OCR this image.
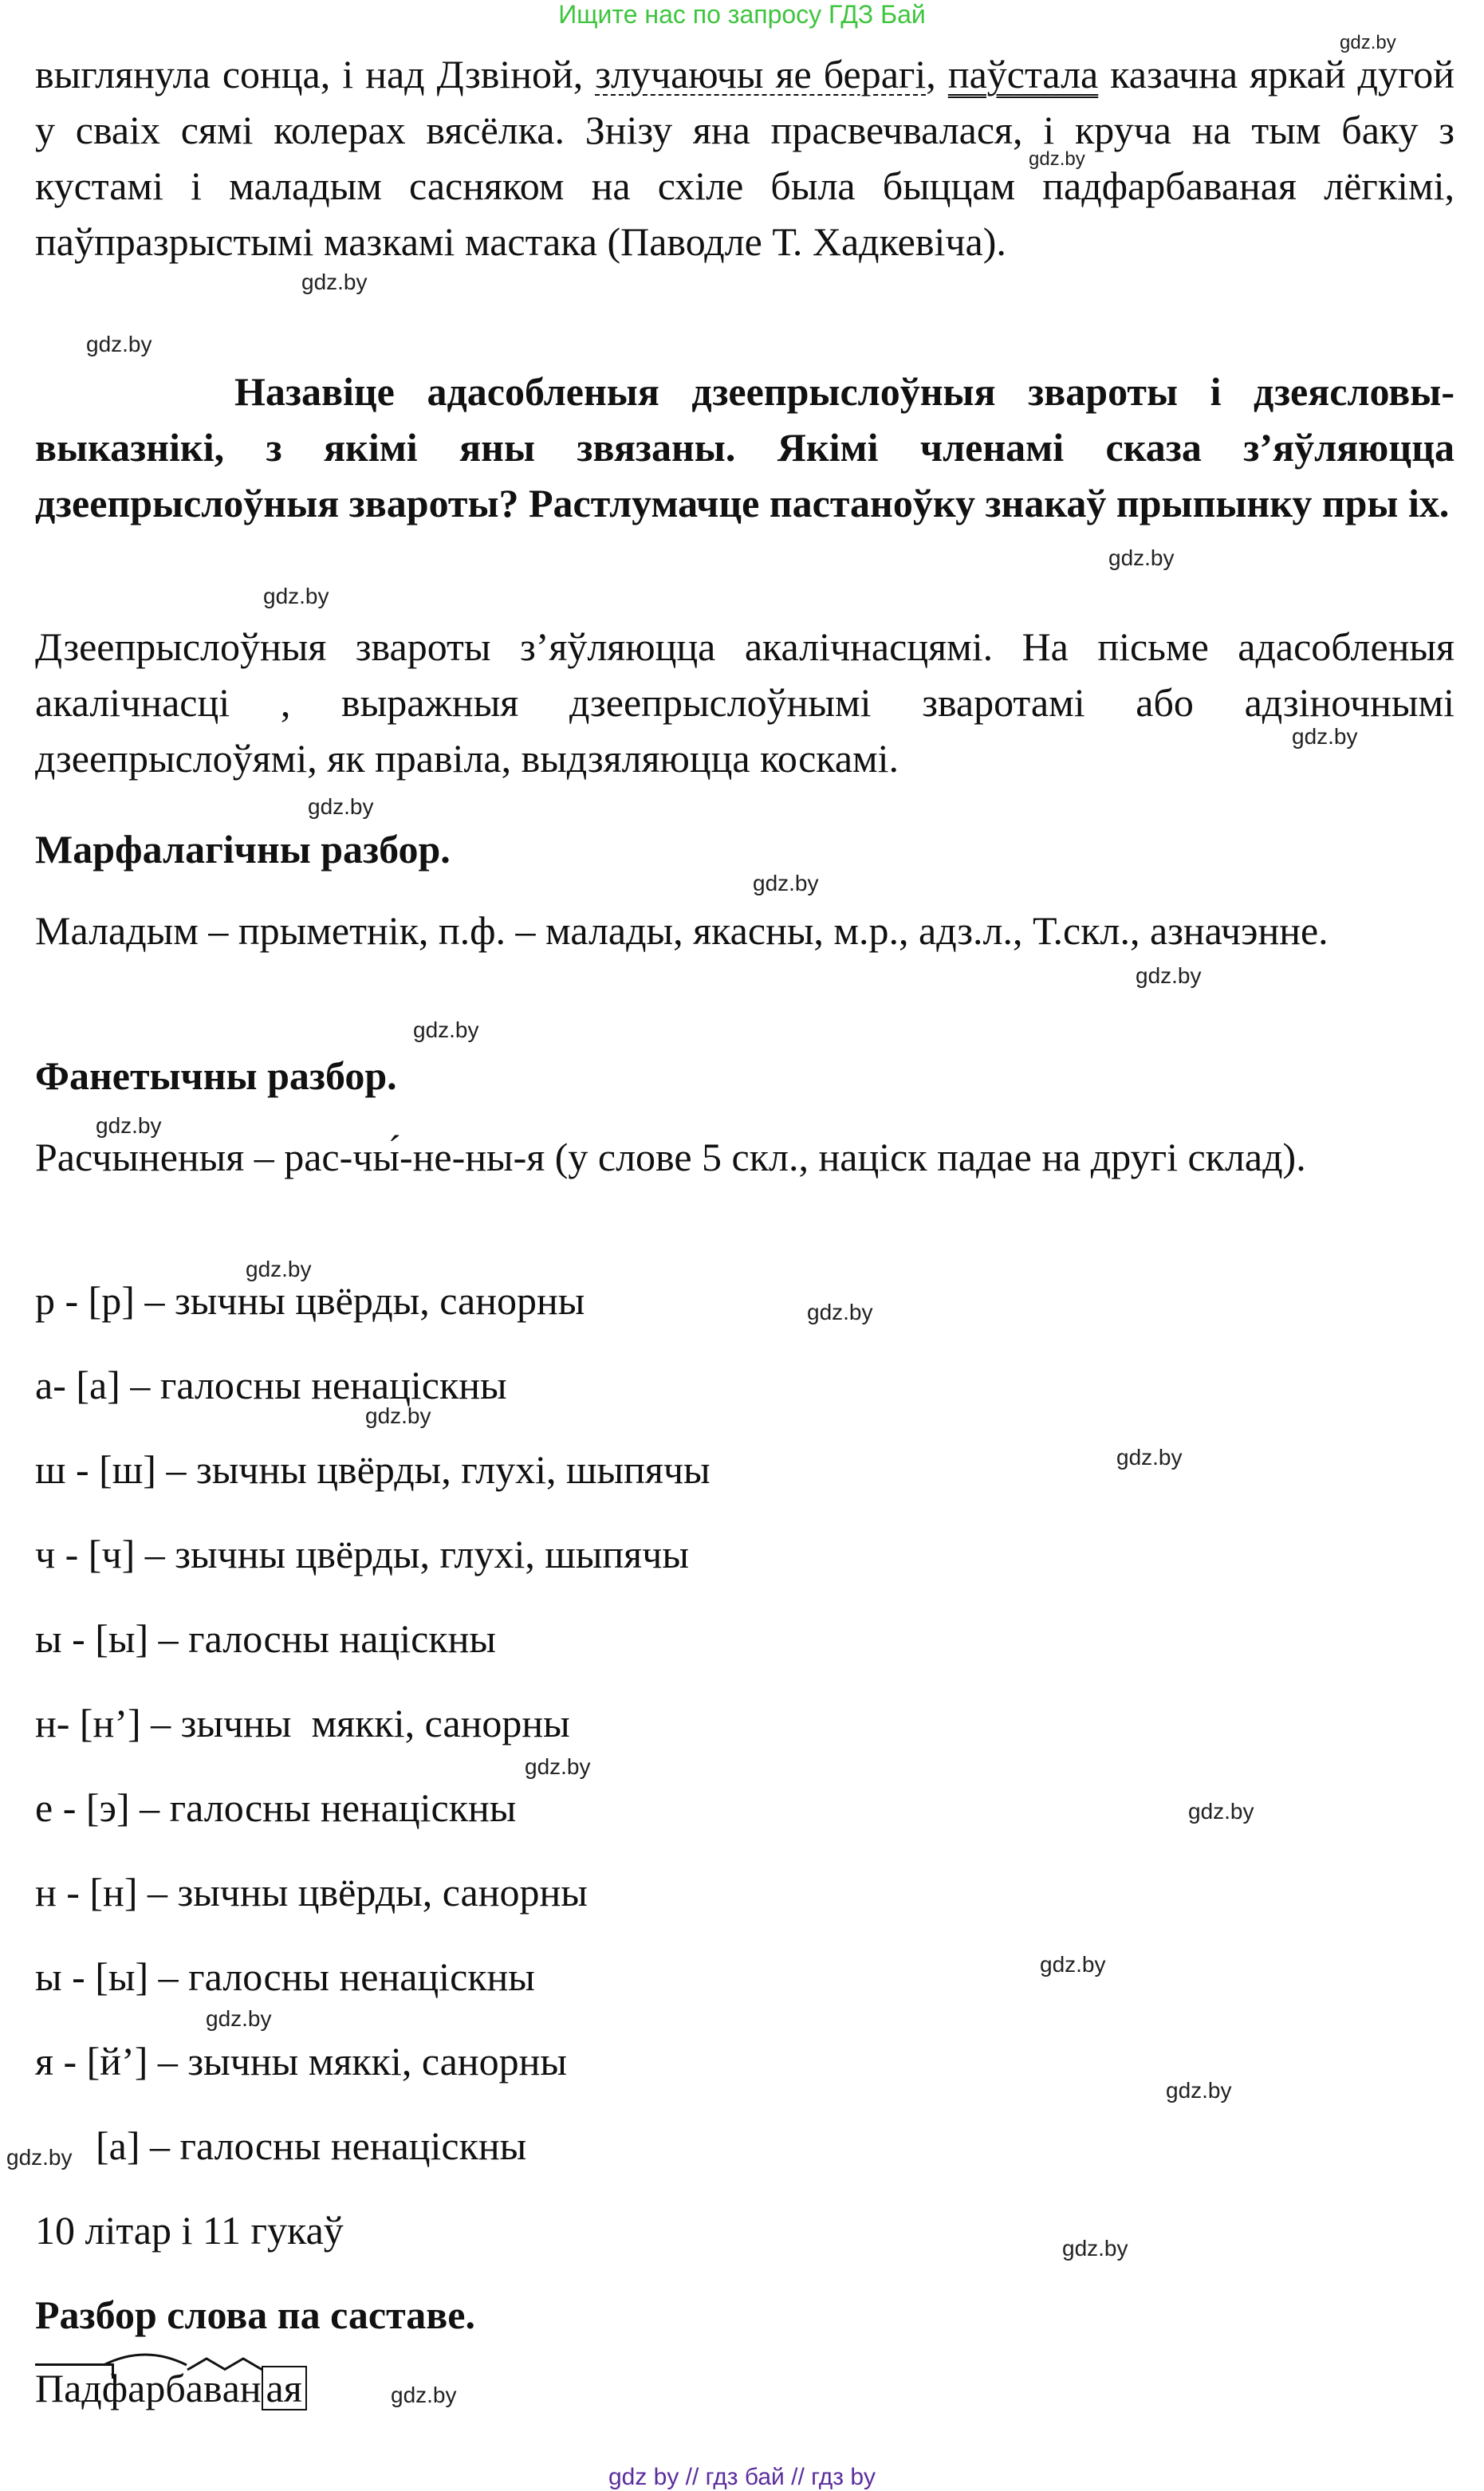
Ищите нас по запросу ГДЗ Бай
выглянула сонца, і над Дзвіной, злучаючы яе берагі, паўстала казачна яркай дугой у сваіх сямі колерах вясёлка. Знізу яна прасвечвалася, і круча на тым баку з кустамі і маладым сасняком на схіле была быццам падфарбаваная лёгкімі, паўпразрыстымі мазкамі мастака (Паводле Т. Хадкевіча).
Назавіце адасобленыя дзеепрыслоўныя звароты і дзеясловы-выказнікі, з якімі яны звязаны. Якімі членамі сказа з’яўляюцца дзеепрыслоўныя звароты? Растлумачце пастаноўку знакаў прыпынку пры іх.
Дзеепрыслоўныя звароты з’яўляюцца акалічнасцямі. На пісьме адасобленыя акалічнасці , выражныя дзеепрыслоўнымі зваротамі або адзіночнымі дзеепрыслоўямі, як правіла, выдзяляюцца коскамі.
Марфалагічны разбор.
Маладым – прыметнік, п.ф. – малады, якасны, м.р., адз.л., Т.скл., азначэнне.
Фанетычны разбор.
Расчыненыя – рас-чы́-не-ны-я (у слове 5 скл., націск падае на другі склад).
р - [р] – зычны цвёрды, санорны
а- [а] – галосны ненаціскны
ш - [ш] – зычны цвёрды, глухі, шыпячы
ч - [ч] – зычны цвёрды, глухі, шыпячы
ы - [ы] – галосны націскны
н- [н’] – зычны  мяккі, санорны
е - [э] – галосны ненацiскны
н - [н] – зычны цвёрды, санорны
ы - [ы] – галосны ненацiскны
я - [й’] – зычны мяккі, санорны
[а] – галосны ненацiскны
10 літар і 11 гукаў
Разбор слова па саставе.
Пад
фарб
ав
ан ая
gdz.by
gdz.by
gdz.by
gdz.by
gdz.by
gdz.by
gdz.by
gdz.by
gdz.by
gdz.by
gdz.by
gdz.by
gdz.by
gdz.by
gdz.by
gdz.by
gdz.by
gdz.by
gdz.by
gdz.by
gdz.by
gdz.by
gdz.by
gdz.by
gdz by // гдз бай // гдз by
